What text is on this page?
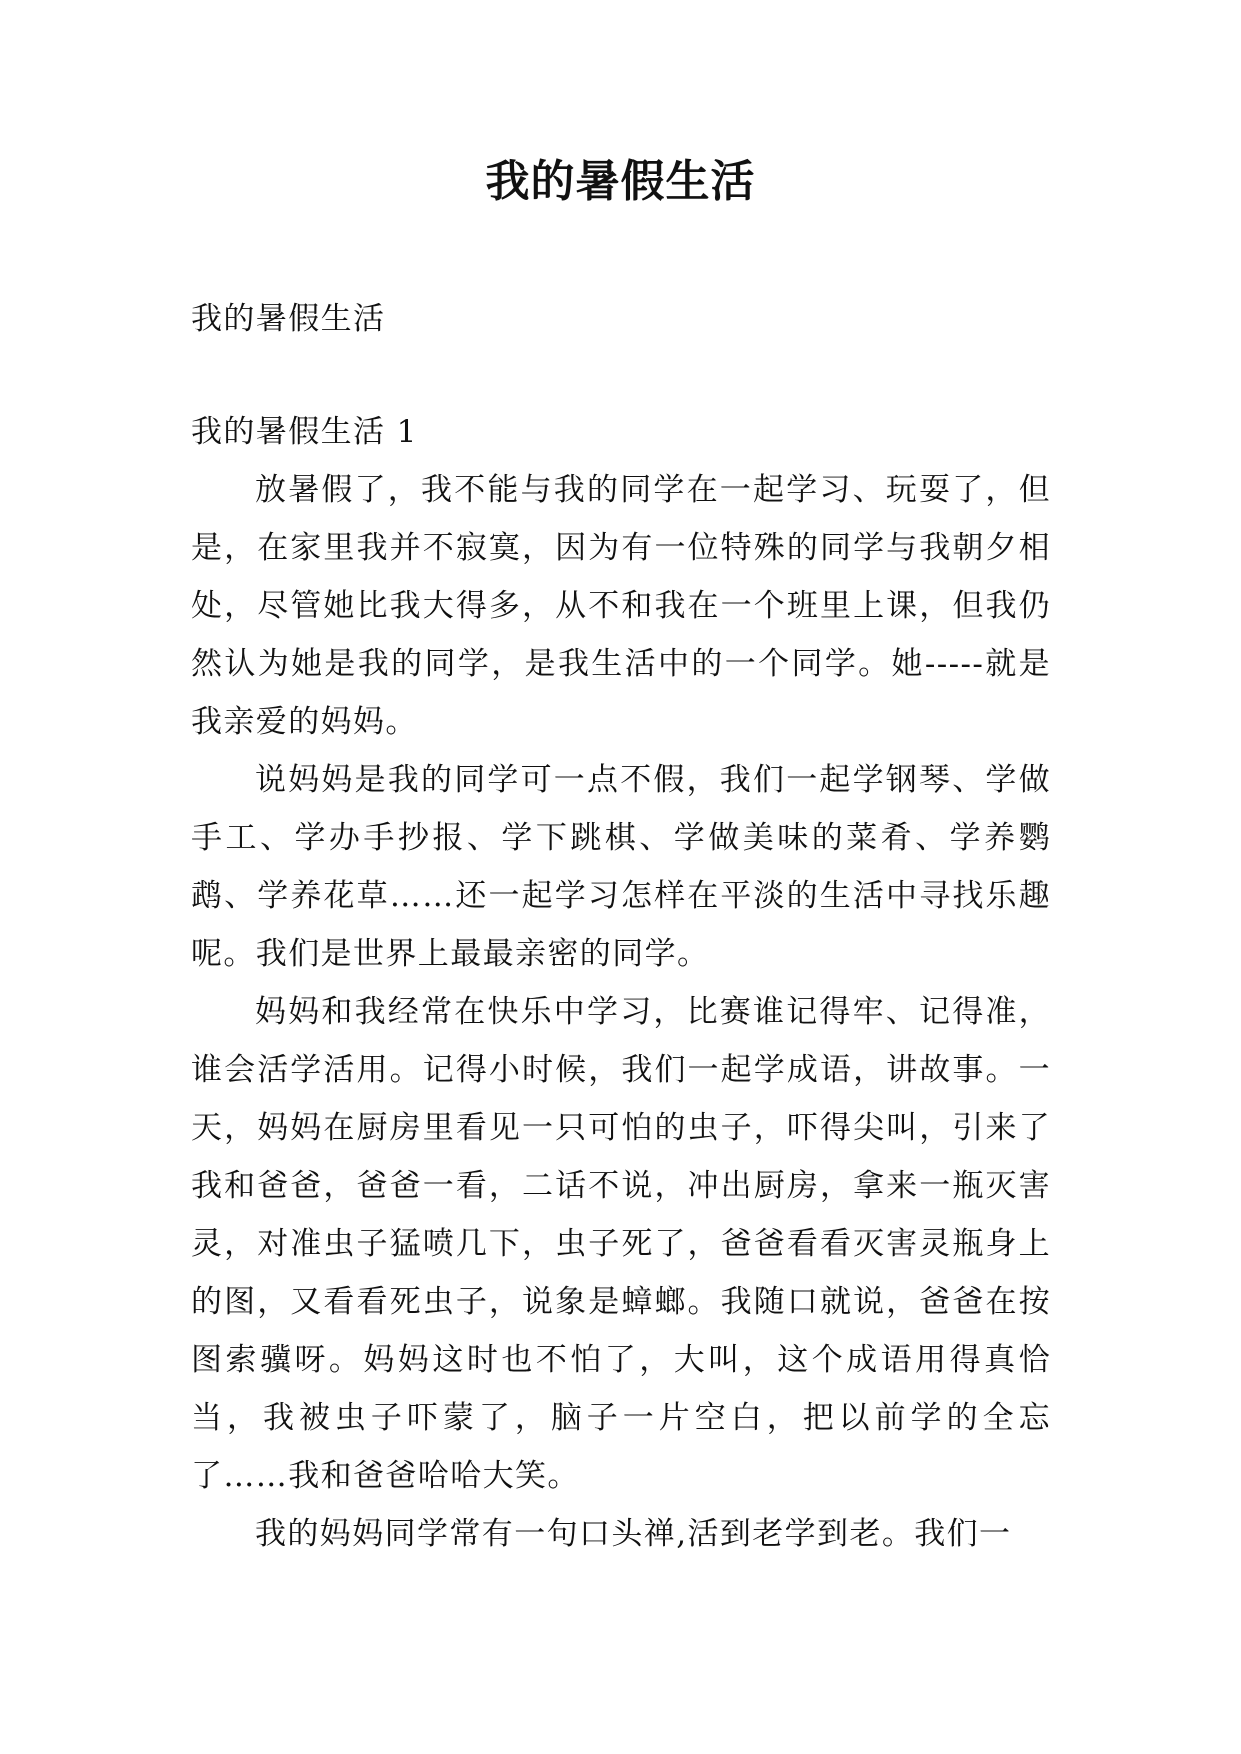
我的暑假生活

我的暑假生活

我的暑假生活 1

放暑假了，我不能与我的同学在一起学习、玩耍了，但是，在家里我并不寂寞，因为有一位特殊的同学与我朝夕相处，尽管她比我大得多，从不和我在一个班里上课，但我仍然认为她是我的同学，是我生活中的一个同学。她-----就是我亲爱的妈妈。

说妈妈是我的同学可一点不假，我们一起学钢琴、学做手工、学办手抄报、学下跳棋、学做美味的菜肴、学养鹦鹉、学养花草……还一起学习怎样在平淡的生活中寻找乐趣呢。我们是世界上最最亲密的同学。

妈妈和我经常在快乐中学习，比赛谁记得牢、记得准，谁会活学活用。记得小时候，我们一起学成语，讲故事。一天，妈妈在厨房里看见一只可怕的虫子，吓得尖叫，引来了我和爸爸，爸爸一看，二话不说，冲出厨房，拿来一瓶灭害灵，对准虫子猛喷几下，虫子死了，爸爸看看灭害灵瓶身上的图，又看看死虫子，说象是蟑螂。我随口就说，爸爸在按图索骥呀。妈妈这时也不怕了，大叫，这个成语用得真恰当，我被虫子吓蒙了，脑子一片空白，把以前学的全忘了……我和爸爸哈哈大笑。

我的妈妈同学常有一句口头禅,活到老学到老。我们一
